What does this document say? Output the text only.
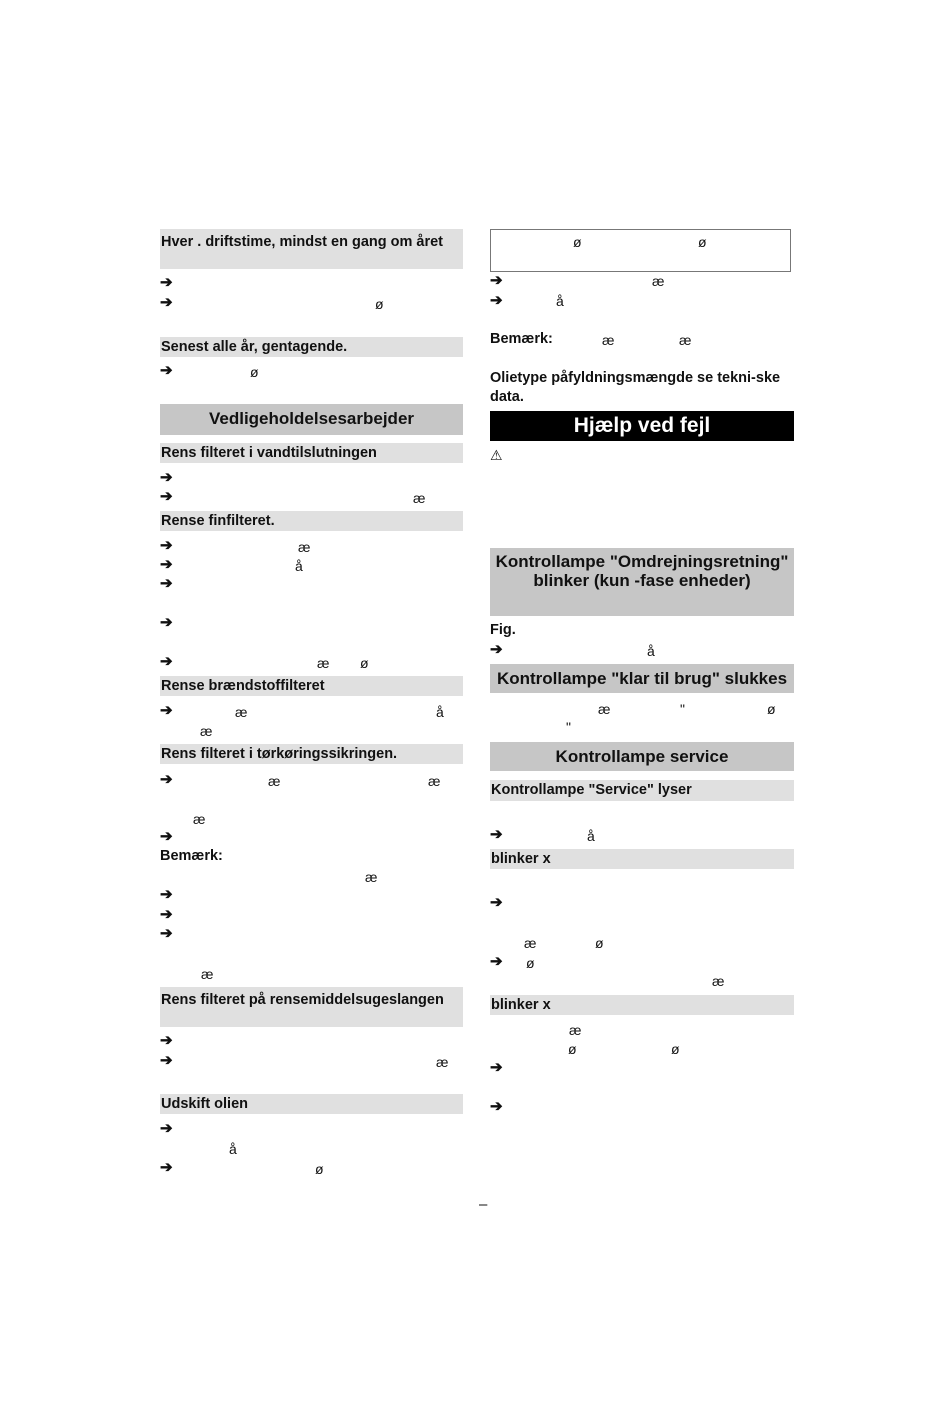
Hver . driftstime, mindst en gang om året
➔
➔	ø
Senest alle år, gentagende.
➔	ø
Vedligeholdelsesarbejder
Rens filteret i vandtilslutningen
➔
➔	æ
Rense finfilteret.
➔	æ
➔	å
➔
➔
➔	æ ø
Rense brændstoffilteret
➔	æ	å
æ
Rens filteret i tørkøringssikringen.
➔	æ	æ
æ
➔
Bemærk:
æ
➔
➔
➔
æ
Rens filteret på rensemiddelsugeslangen
➔
➔	æ
Udskift olien
➔
å
➔	ø
ø	ø
➔	æ
➔	å
Bemærk:	æ	æ
Olietype påfyldningsmængde se tekni-ske data.
Hjælp ved fejl
⚠
Kontrollampe "Omdrejningsretning" blinker (kun -fase enheder)
Fig.
➔	å
Kontrollampe "klar til brug" slukkes
æ	"	ø
"
Kontrollampe service
Kontrollampe "Service" lyser
➔	å
blinker x
➔
æ	ø
➔ ø
æ
blinker x
æ
ø	ø
➔
➔
–
